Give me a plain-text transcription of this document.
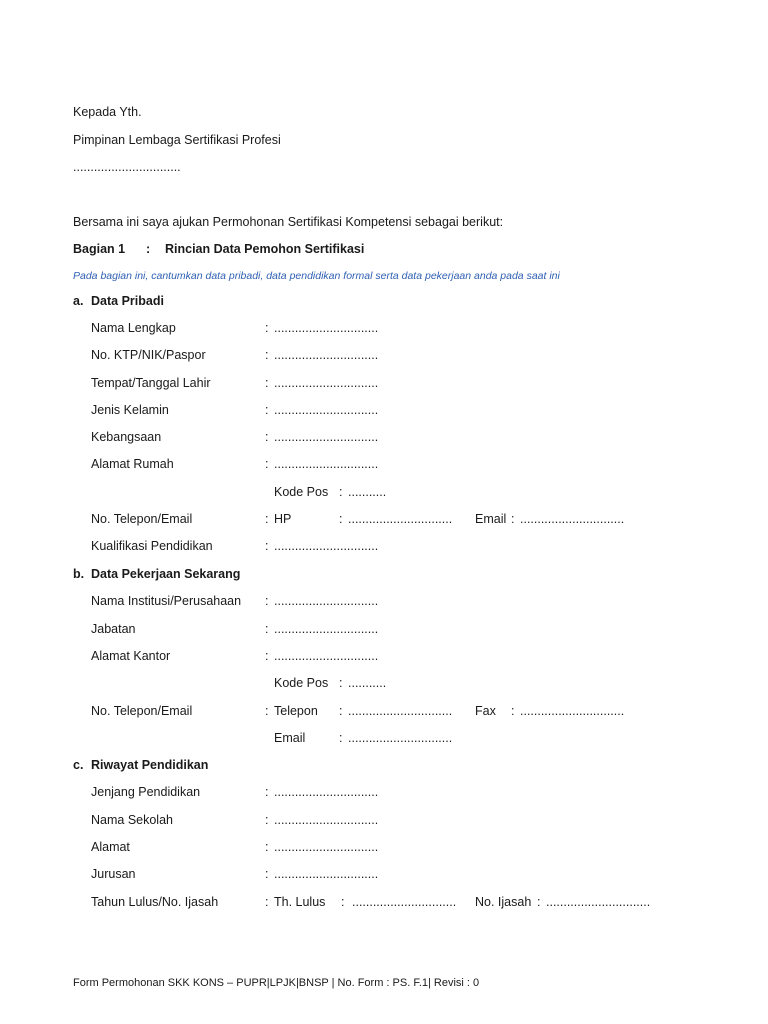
Kepada Yth.
Pimpinan Lembaga Sertifikasi Profesi
...............................
Bersama ini saya ajukan Permohonan Sertifikasi Kompetensi sebagai berikut:
Bagian 1 : Rincian Data Pemohon Sertifikasi
Pada bagian ini, cantumkan data pribadi, data pendidikan formal serta data pekerjaan anda pada saat ini
a. Data Pribadi
Nama Lengkap	: ..............................
No. KTP/NIK/Paspor	: ..............................
Tempat/Tanggal Lahir	: ..............................
Jenis Kelamin	: ..............................
Kebangsaan	: ..............................
Alamat Rumah	: ..............................
Kode Pos : ...........
No. Telepon/Email	: HP	: .............................. Email : ..............................
Kualifikasi Pendidikan	: ..............................
b. Data Pekerjaan Sekarang
Nama Institusi/Perusahaan : ..............................
Jabatan	: ..............................
Alamat Kantor	: ..............................
Kode Pos : ...........
No. Telepon/Email	: Telepon : .............................. Fax : ..............................
Email	: ..............................
c. Riwayat Pendidikan
Jenjang Pendidikan	: ..............................
Nama Sekolah	: ..............................
Alamat	: ..............................
Jurusan	: ..............................
Tahun Lulus/No. Ijasah	: Th. Lulus : .............................. No. Ijasah : ..............................
Form Permohonan SKK KONS – PUPR|LPJK|BNSP | No. Form : PS. F.1| Revisi : 0
